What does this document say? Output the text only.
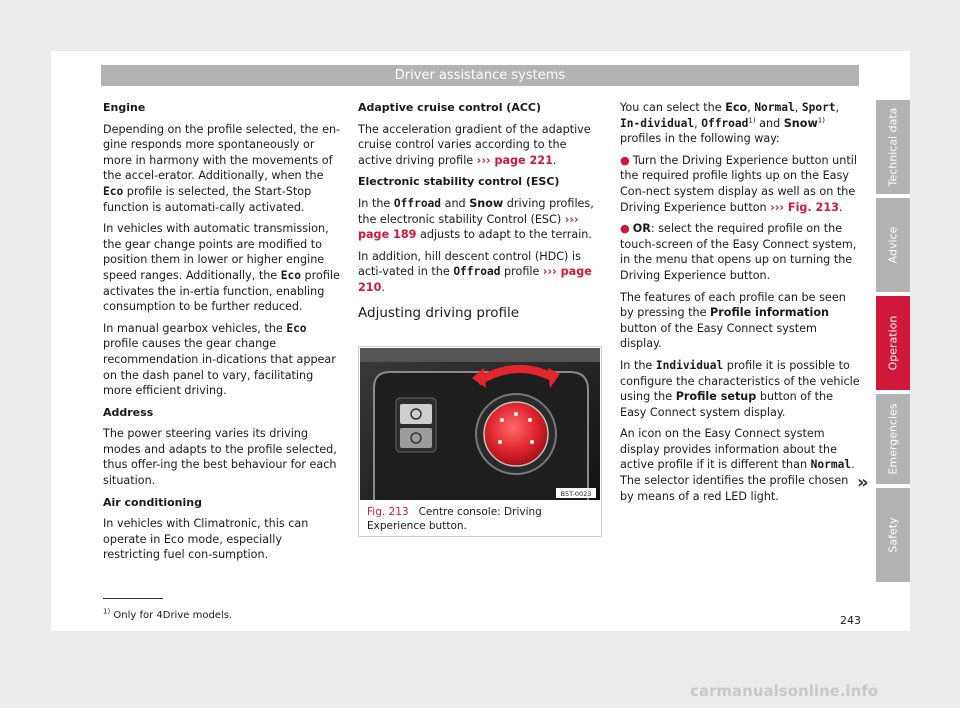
Driver assistance systems

Engine

Depending on the profile selected, the en-gine responds more spontaneously or more in harmony with the movements of the accel-erator. Additionally, when the Eco profile is selected, the Start-Stop function is automati-cally activated.

In vehicles with automatic transmission, the gear change points are modified to position them in lower or higher engine speed ranges. Additionally, the Eco profile activates the in-ertia function, enabling consumption to be further reduced.

In manual gearbox vehicles, the Eco profile causes the gear change recommendation in-dications that appear on the dash panel to vary, facilitating more efficient driving.

Address

The power steering varies its driving modes and adapts to the profile selected, thus offer-ing the best behaviour for each situation.

Air conditioning

In vehicles with Climatronic, this can operate in Eco mode, especially restricting fuel con-sumption.

Adaptive cruise control (ACC)

The acceleration gradient of the adaptive cruise control varies according to the active driving profile ››› page 221.

Electronic stability control (ESC)

In the Offroad and Snow driving profiles, the electronic stability Control (ESC) ››› page 189 adjusts to adapt to the terrain.

In addition, hill descent control (HDC) is acti-vated in the Offroad profile ››› page 210.

Adjusting driving profile

B5T-0023
Fig. 213 Centre console: Driving Experience button.

You can select the Eco, Normal, Sport, In-dividual, Offroad$^{1)}$ and Snow$^{1)}$ profiles in the following way:

● Turn the Driving Experience button until the required profile lights up on the Easy Con-nect system display as well as on the Driving Experience button ››› Fig. 213.

● OR: select the required profile on the touch-screen of the Easy Connect system, in the menu that opens up on turning the Driving Experience button.

The features of each profile can be seen by pressing the Profile information button of the Easy Connect system display.

In the Individual profile it is possible to configure the characteristics of the vehicle using the Profile setup button of the Easy Connect system display.

An icon on the Easy Connect system display provides information about the active profile if it is different than Normal. The selector identifies the profile chosen by means of a red LED light.

»
Technical data
Advice
Operation
Emergencies
Safety
$^{1)}$ Only for 4Drive models.	243
carmanualsonline.info
